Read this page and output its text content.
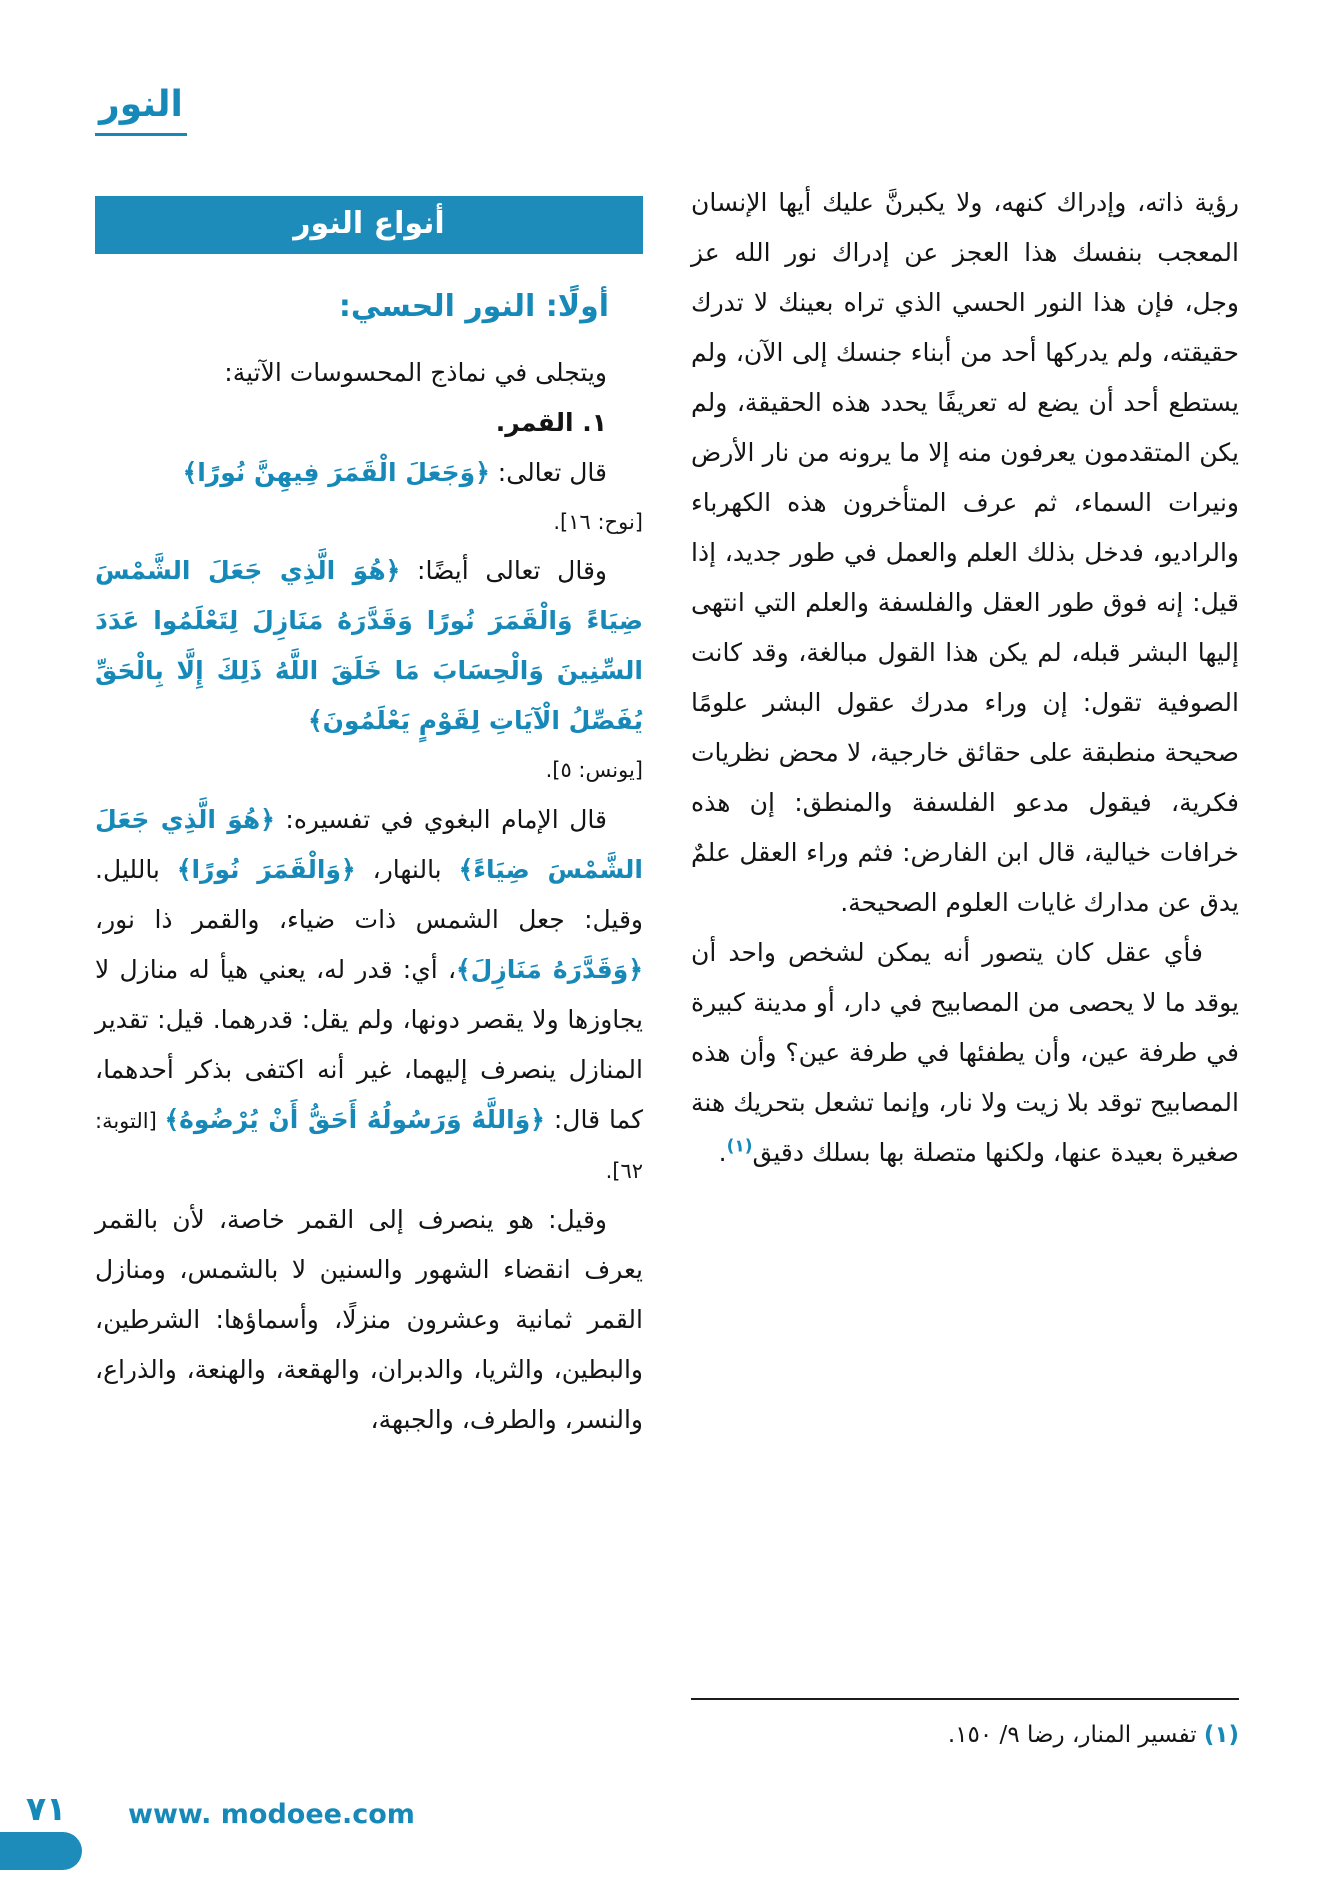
النور

رؤية ذاته، وإدراك كنهه، ولا يكبرنَّ عليك أيها الإنسان المعجب بنفسك هذا العجز عن إدراك نور الله عز وجل، فإن هذا النور الحسي الذي تراه بعينك لا تدرك حقيقته، ولم يدركها أحد من أبناء جنسك إلى الآن، ولم يستطع أحد أن يضع له تعريفًا يحدد هذه الحقيقة، ولم يكن المتقدمون يعرفون منه إلا ما يرونه من نار الأرض ونيرات السماء، ثم عرف المتأخرون هذه الكهرباء والراديو، فدخل بذلك العلم والعمل في طور جديد، إذا قيل: إنه فوق طور العقل والفلسفة والعلم التي انتهى إليها البشر قبله، لم يكن هذا القول مبالغة، وقد كانت الصوفية تقول: إن وراء مدرك عقول البشر علومًا صحيحة منطبقة على حقائق خارجية، لا محض نظريات فكرية، فيقول مدعو الفلسفة والمنطق: إن هذه خرافات خيالية، قال ابن الفارض: فثم وراء العقل علمٌ يدق عن مدارك غايات العلوم الصحيحة.

فأي عقل كان يتصور أنه يمكن لشخص واحد أن يوقد ما لا يحصى من المصابيح في دار، أو مدينة كبيرة في طرفة عين، وأن يطفئها في طرفة عين؟ وأن هذه المصابيح توقد بلا زيت ولا نار، وإنما تشعل بتحريك هنة صغيرة بعيدة عنها، ولكنها متصلة بها بسلك دقيق$^{(١)}$.

(١) تفسير المنار، رضا ٩/ ١٥٠.

أنواع النور
أولًا: النور الحسي:

ويتجلى في نماذج المحسوسات الآتية:

١. القمر.

قال تعالى: ﴿وَجَعَلَ الْقَمَرَ فِيهِنَّ نُورًا﴾

[نوح: ١٦].

وقال تعالى أيضًا: ﴿هُوَ الَّذِي جَعَلَ الشَّمْسَ ضِيَاءً وَالْقَمَرَ نُورًا وَقَدَّرَهُ مَنَازِلَ لِتَعْلَمُوا عَدَدَ السِّنِينَ وَالْحِسَابَ مَا خَلَقَ اللَّهُ ذَلِكَ إِلَّا بِالْحَقِّ يُفَصِّلُ الْآيَاتِ لِقَوْمٍ يَعْلَمُونَ﴾

[يونس: ٥].

قال الإمام البغوي في تفسيره: ﴿هُوَ الَّذِي جَعَلَ الشَّمْسَ ضِيَاءً﴾ بالنهار، ﴿وَالْقَمَرَ نُورًا﴾ بالليل. وقيل: جعل الشمس ذات ضياء، والقمر ذا نور، ﴿وَقَدَّرَهُ مَنَازِلَ﴾، أي: قدر له، يعني هيأ له منازل لا يجاوزها ولا يقصر دونها، ولم يقل: قدرهما. قيل: تقدير المنازل ينصرف إليهما، غير أنه اكتفى بذكر أحدهما، كما قال: ﴿وَاللَّهُ وَرَسُولُهُ أَحَقُّ أَنْ يُرْضُوهُ﴾ [التوبة: ٦٢].

وقيل: هو ينصرف إلى القمر خاصة، لأن بالقمر يعرف انقضاء الشهور والسنين لا بالشمس، ومنازل القمر ثمانية وعشرون منزلًا، وأسماؤها: الشرطين، والبطين، والثريا، والدبران، والهقعة، والهنعة، والذراع، والنسر، والطرف، والجبهة،

٧١ www. modoee.com
